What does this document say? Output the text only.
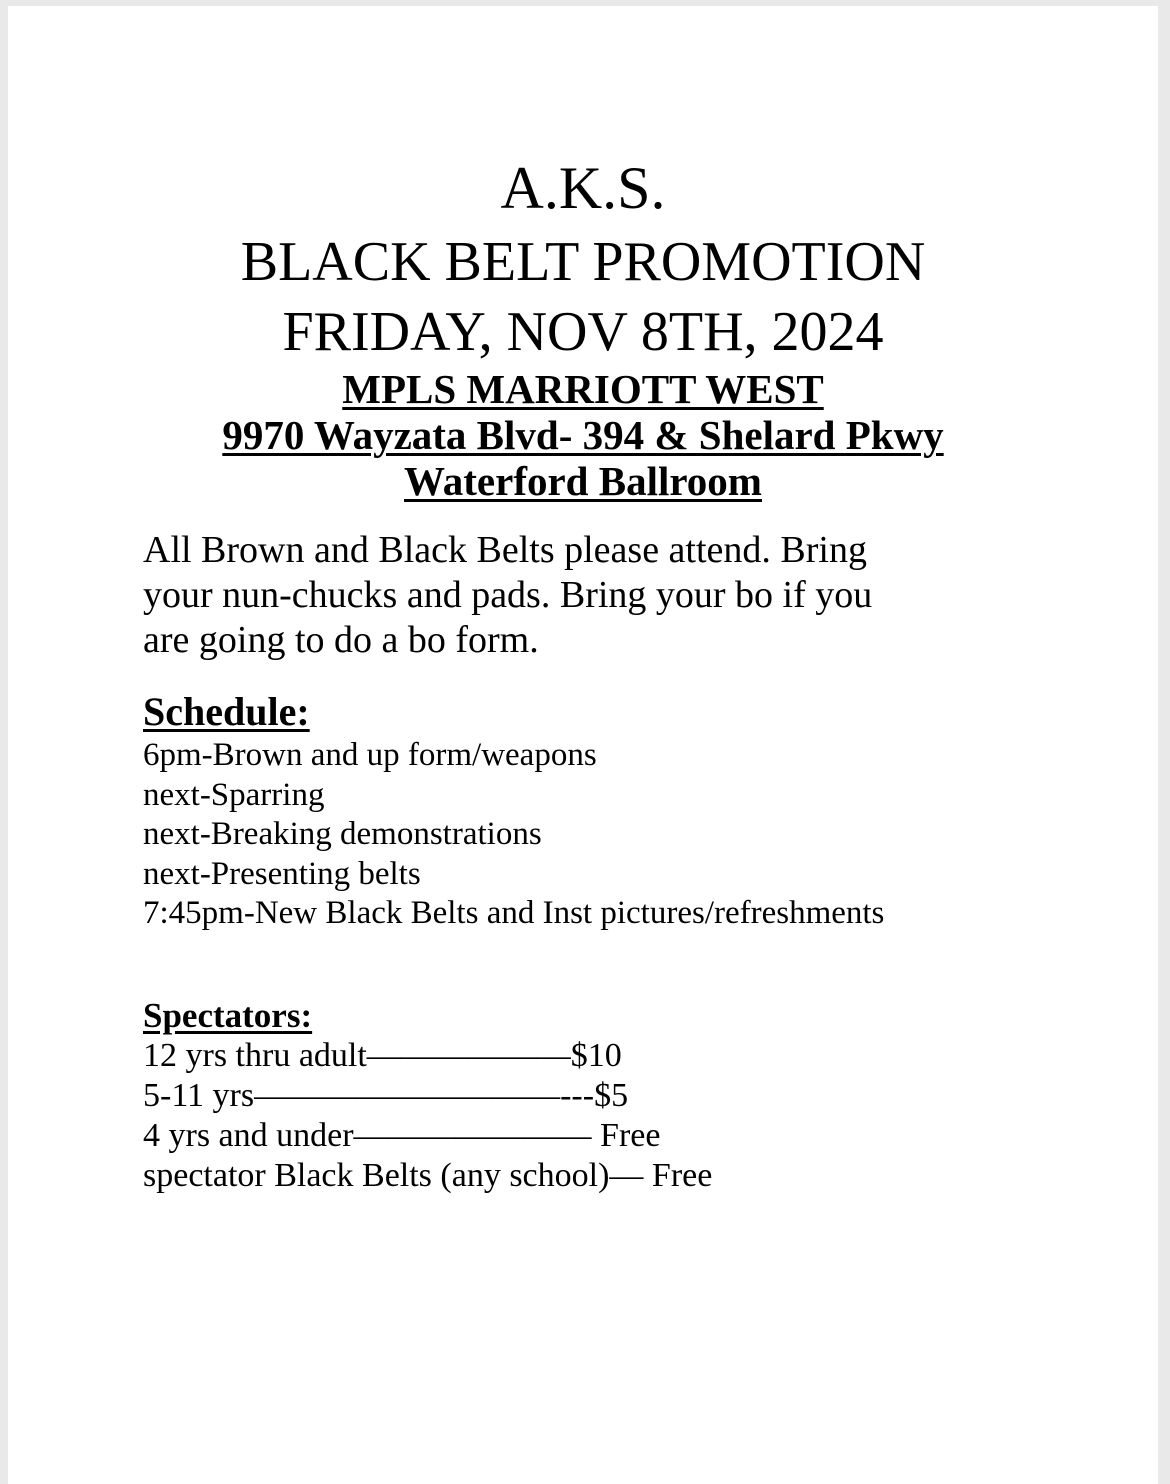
A.K.S.
BLACK BELT PROMOTION
FRIDAY, NOV 8TH, 2024
MPLS MARRIOTT WEST
9970 Wayzata Blvd- 394 & Shelard Pkwy
Waterford Ballroom
All Brown and Black Belts please attend. Bring
your nun-chucks and pads. Bring your bo if you
are going to do a bo form.
Schedule:
6pm-Brown and up form/weapons
next-Sparring
next-Breaking demonstrations
next-Presenting belts
7:45pm-New Black Belts and Inst pictures/refreshments
Spectators:
12 yrs thru adult——————$10
5-11 yrs—————————---$5
4 yrs and under——————— Free
spectator Black Belts (any school)— Free
